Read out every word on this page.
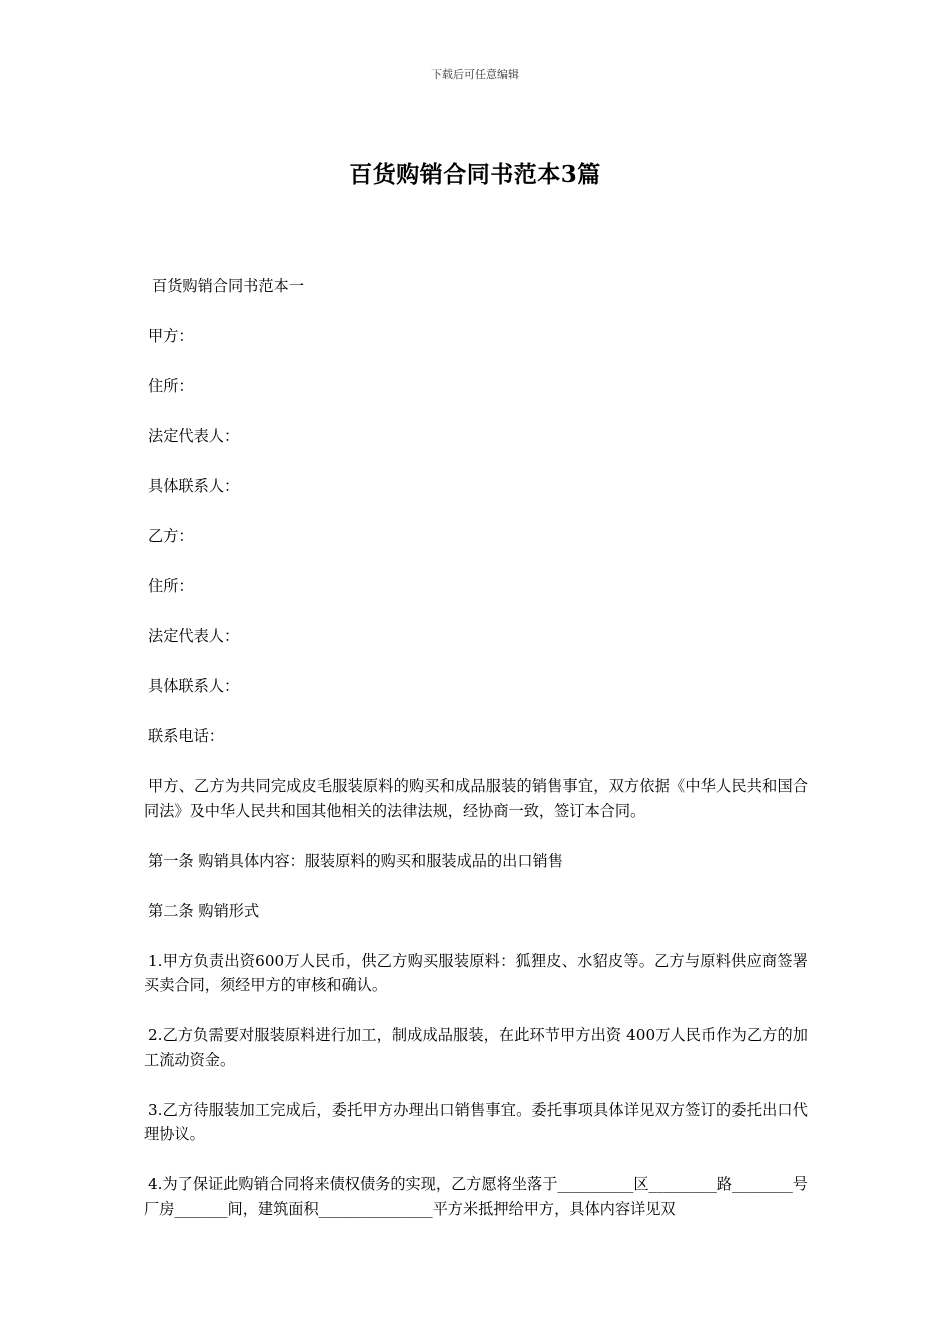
下载后可任意编辑
百货购销合同书范本3篇

百货购销合同书范本一

甲方：

住所：

法定代表人：

具体联系人：

乙方：

住所：

法定代表人：

具体联系人：

联系电话：

甲方、乙方为共同完成皮毛服装原料的购买和成品服装的销售事宜，双方依据《中华人民共和国合同法》及中华人民共和国其他相关的法律法规，经协商一致，签订本合同。

第一条 购销具体内容：服装原料的购买和服装成品的出口销售

第二条 购销形式

1.甲方负责出资600万人民币，供乙方购买服装原料：狐狸皮、水貂皮等。乙方与原料供应商签署买卖合同，须经甲方的审核和确认。

2.乙方负需要对服装原料进行加工，制成成品服装，在此环节甲方出资 400万人民币作为乙方的加工流动资金。

3.乙方待服装加工完成后，委托甲方办理出口销售事宜。委托事项具体详见双方签订的委托出口代理协议。

4.为了保证此购销合同将来债权债务的实现，乙方愿将坐落于__________区_________路________号厂房_______间，建筑面积_______________平方米抵押给甲方，具体内容详见双
